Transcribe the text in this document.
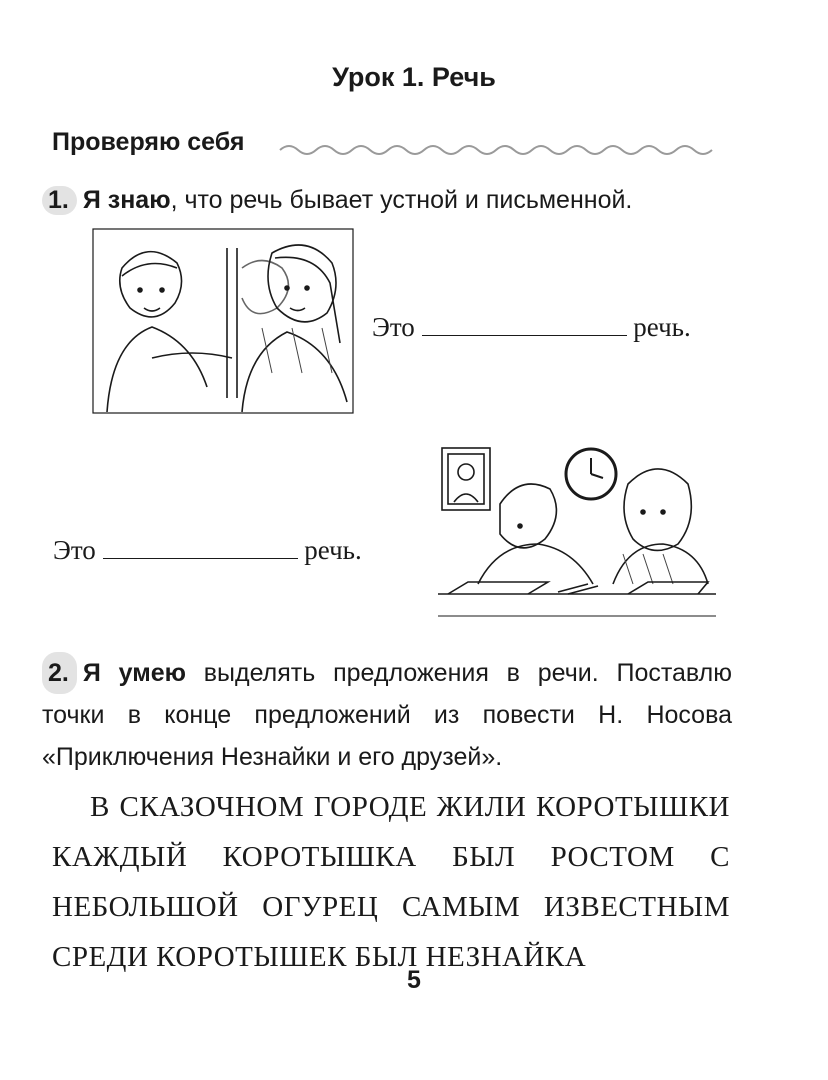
Урок 1. Речь
Проверяю себя
1. Я знаю, что речь бывает устной и письменной.
Это	речь.
Это	речь.
2. Я умею выделять предложения в речи. Поставлю точки в конце предложений из повести Н. Носова «Приключения Незнайки и его друзей».

В СКАЗОЧНОМ ГОРОДЕ ЖИЛИ КОРОТЫШКИ КАЖДЫЙ КОРОТЫШКА БЫЛ РОСТОМ С НЕБОЛЬШОЙ ОГУРЕЦ САМЫМ ИЗВЕСТНЫМ СРЕДИ КОРОТЫШЕК БЫЛ НЕЗНАЙКА

5
